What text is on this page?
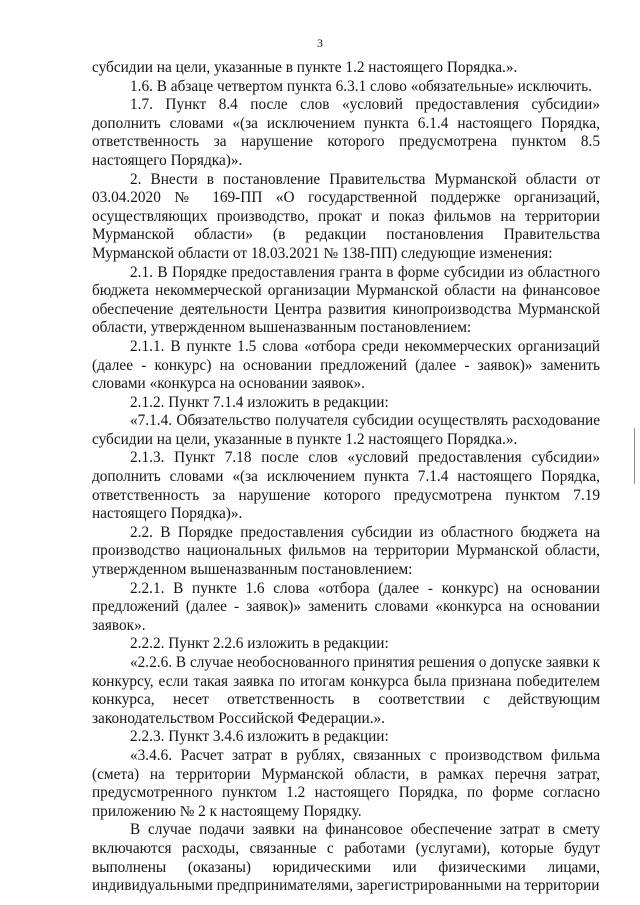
3

субсидии на цели, указанные в пункте 1.2 настоящего Порядка.».

1.6. В абзаце четвертом пункта 6.3.1 слово «обязательные» исключить.

1.7. Пункт 8.4 после слов «условий предоставления субсидии» дополнить словами «(за исключением пункта 6.1.4 настоящего Порядка, ответственность за нарушение которого предусмотрена пунктом 8.5 настоящего Порядка)».

2. Внести в постановление Правительства Мурманской области от 03.04.2020 № 169-ПП «О государственной поддержке организаций, осуществляющих производство, прокат и показ фильмов на территории Мурманской области» (в редакции постановления Правительства Мурманской области от 18.03.2021 № 138-ПП) следующие изменения:

2.1. В Порядке предоставления гранта в форме субсидии из областного бюджета некоммерческой организации Мурманской области на финансовое обеспечение деятельности Центра развития кинопроизводства Мурманской области, утвержденном вышеназванным постановлением:

2.1.1. В пункте 1.5 слова «отбора среди некоммерческих организаций (далее - конкурс) на основании предложений (далее - заявок)» заменить словами «конкурса на основании заявок».

2.1.2. Пункт 7.1.4 изложить в редакции:

«7.1.4. Обязательство получателя субсидии осуществлять расходование субсидии на цели, указанные в пункте 1.2 настоящего Порядка.».

2.1.3. Пункт 7.18 после слов «условий предоставления субсидии» дополнить словами «(за исключением пункта 7.1.4 настоящего Порядка, ответственность за нарушение которого предусмотрена пунктом 7.19 настоящего Порядка)».

2.2. В Порядке предоставления субсидии из областного бюджета на производство национальных фильмов на территории Мурманской области, утвержденном вышеназванным постановлением:

2.2.1. В пункте 1.6 слова «отбора (далее - конкурс) на основании предложений (далее - заявок)» заменить словами «конкурса на основании заявок».

2.2.2. Пункт 2.2.6 изложить в редакции:

«2.2.6. В случае необоснованного принятия решения о допуске заявки к конкурсу, если такая заявка по итогам конкурса была признана победителем конкурса, несет ответственность в соответствии с действующим законодательством Российской Федерации.».

2.2.3. Пункт 3.4.6 изложить в редакции:

«3.4.6. Расчет затрат в рублях, связанных с производством фильма (смета) на территории Мурманской области, в рамках перечня затрат, предусмотренного пунктом 1.2 настоящего Порядка, по форме согласно приложению № 2 к настоящему Порядку.

В случае подачи заявки на финансовое обеспечение затрат в смету включаются расходы, связанные с работами (услугами), которые будут выполнены (оказаны) юридическими или физическими лицами, индивидуальными предпринимателями, зарегистрированными на территории
